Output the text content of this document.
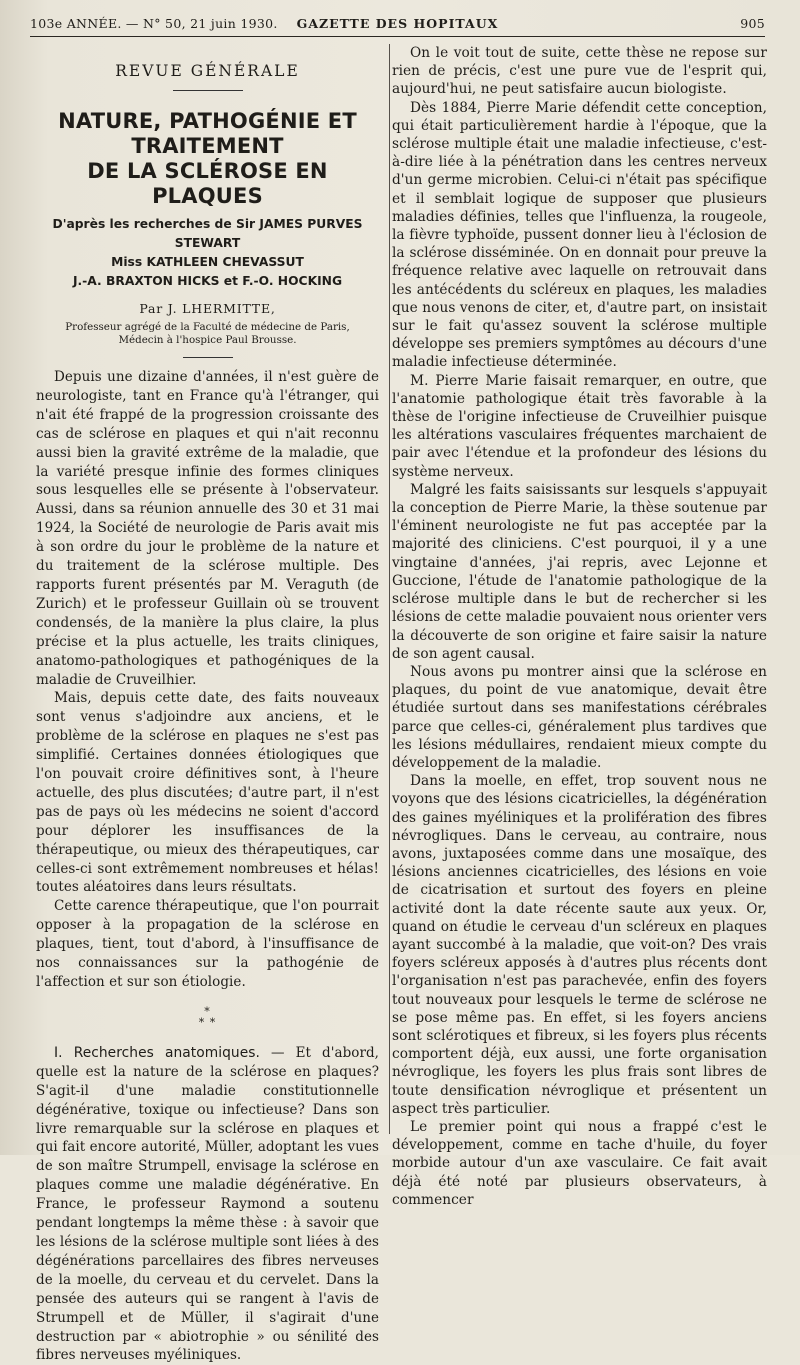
103e ANNÉE. — N° 50, 21 juin 1930.	GAZETTE DES HOPITAUX	905
REVUE GÉNÉRALE
NATURE, PATHOGÉNIE ET TRAITEMENT
DE LA SCLÉROSE EN PLAQUES
D'après les recherches de Sir JAMES PURVES STEWART
Miss KATHLEEN CHEVASSUT
J.-A. BRAXTON HICKS et F.-O. HOCKING
Par J. LHERMITTE,
Professeur agrégé de la Faculté de médecine de Paris,
Médecin à l'hospice Paul Brousse.

Depuis une dizaine d'années, il n'est guère de neurologiste, tant en France qu'à l'étranger, qui n'ait été frappé de la progression croissante des cas de sclérose en plaques et qui n'ait reconnu aussi bien la gravité extrême de la maladie, que la variété presque infinie des formes cliniques sous lesquelles elle se présente à l'observateur. Aussi, dans sa réunion annuelle des 30 et 31 mai 1924, la Société de neurologie de Paris avait mis à son ordre du jour le problème de la nature et du traitement de la sclérose multiple. Des rapports furent présentés par M. Veraguth (de Zurich) et le professeur Guillain où se trouvent condensés, de la manière la plus claire, la plus précise et la plus actuelle, les traits cliniques, anatomo-pathologiques et pathogéniques de la maladie de Cruveilhier.

Mais, depuis cette date, des faits nouveaux sont venus s'adjoindre aux anciens, et le problème de la sclérose en plaques ne s'est pas simplifié. Certaines données étiologiques que l'on pouvait croire définitives sont, à l'heure actuelle, des plus discutées; d'autre part, il n'est pas de pays où les médecins ne soient d'accord pour déplorer les insuffisances de la thérapeutique, ou mieux des thérapeutiques, car celles-ci sont extrêmement nombreuses et hélas! toutes aléatoires dans leurs résultats.

Cette carence thérapeutique, que l'on pourrait opposer à la propagation de la sclérose en plaques, tient, tout d'abord, à l'insuffisance de nos connaissances sur la pathogénie de l'affection et sur son étiologie.

*
* *

I. Recherches anatomiques. — Et d'abord, quelle est la nature de la sclérose en plaques? S'agit-il d'une maladie constitutionnelle dégénérative, toxique ou infectieuse? Dans son livre remarquable sur la sclérose en plaques et qui fait encore autorité, Müller, adoptant les vues de son maître Strumpell, envisage la sclérose en plaques comme une maladie dégénérative. En France, le professeur Raymond a soutenu pendant longtemps la même thèse : à savoir que les lésions de la sclérose multiple sont liées à des dégénérations parcellaires des fibres nerveuses de la moelle, du cerveau et du cervelet. Dans la pensée des auteurs qui se rangent à l'avis de Strumpell et de Müller, il s'agirait d'une destruction par « abiotrophie » ou sénilité des fibres nerveuses myéliniques.

On le voit tout de suite, cette thèse ne repose sur rien de précis, c'est une pure vue de l'esprit qui, aujourd'hui, ne peut satisfaire aucun biologiste.

Dès 1884, Pierre Marie défendit cette conception, qui était particulièrement hardie à l'époque, que la sclérose multiple était une maladie infectieuse, c'est-à-dire liée à la pénétration dans les centres nerveux d'un germe microbien. Celui-ci n'était pas spécifique et il semblait logique de supposer que plusieurs maladies définies, telles que l'influenza, la rougeole, la fièvre typhoïde, pussent donner lieu à l'éclosion de la sclérose disséminée. On en donnait pour preuve la fréquence relative avec laquelle on retrouvait dans les antécédents du scléreux en plaques, les maladies que nous venons de citer, et, d'autre part, on insistait sur le fait qu'assez souvent la sclérose multiple développe ses premiers symptômes au décours d'une maladie infectieuse déterminée.

M. Pierre Marie faisait remarquer, en outre, que l'anatomie pathologique était très favorable à la thèse de l'origine infectieuse de Cruveilhier puisque les altérations vasculaires fréquentes marchaient de pair avec l'étendue et la profondeur des lésions du système nerveux.

Malgré les faits saisissants sur lesquels s'appuyait la conception de Pierre Marie, la thèse soutenue par l'éminent neurologiste ne fut pas acceptée par la majorité des cliniciens. C'est pourquoi, il y a une vingtaine d'années, j'ai repris, avec Lejonne et Guccione, l'étude de l'anatomie pathologique de la sclérose multiple dans le but de rechercher si les lésions de cette maladie pouvaient nous orienter vers la découverte de son origine et faire saisir la nature de son agent causal.

Nous avons pu montrer ainsi que la sclérose en plaques, du point de vue anatomique, devait être étudiée surtout dans ses manifestations cérébrales parce que celles-ci, généralement plus tardives que les lésions médullaires, rendaient mieux compte du développement de la maladie.

Dans la moelle, en effet, trop souvent nous ne voyons que des lésions cicatricielles, la dégénération des gaines myéliniques et la prolifération des fibres névrogliques. Dans le cerveau, au contraire, nous avons, juxtaposées comme dans une mosaïque, des lésions anciennes cicatricielles, des lésions en voie de cicatrisation et surtout des foyers en pleine activité dont la date récente saute aux yeux. Or, quand on étudie le cerveau d'un scléreux en plaques ayant succombé à la maladie, que voit-on? Des vrais foyers scléreux apposés à d'autres plus récents dont l'organisation n'est pas parachevée, enfin des foyers tout nouveaux pour lesquels le terme de sclérose ne se pose même pas. En effet, si les foyers anciens sont sclérotiques et fibreux, si les foyers plus récents comportent déjà, eux aussi, une forte organisation névroglique, les foyers les plus frais sont libres de toute densification névroglique et présentent un aspect très particulier.

Le premier point qui nous a frappé c'est le développement, comme en tache d'huile, du foyer morbide autour d'un axe vasculaire. Ce fait avait déjà été noté par plusieurs observateurs, à commencer
